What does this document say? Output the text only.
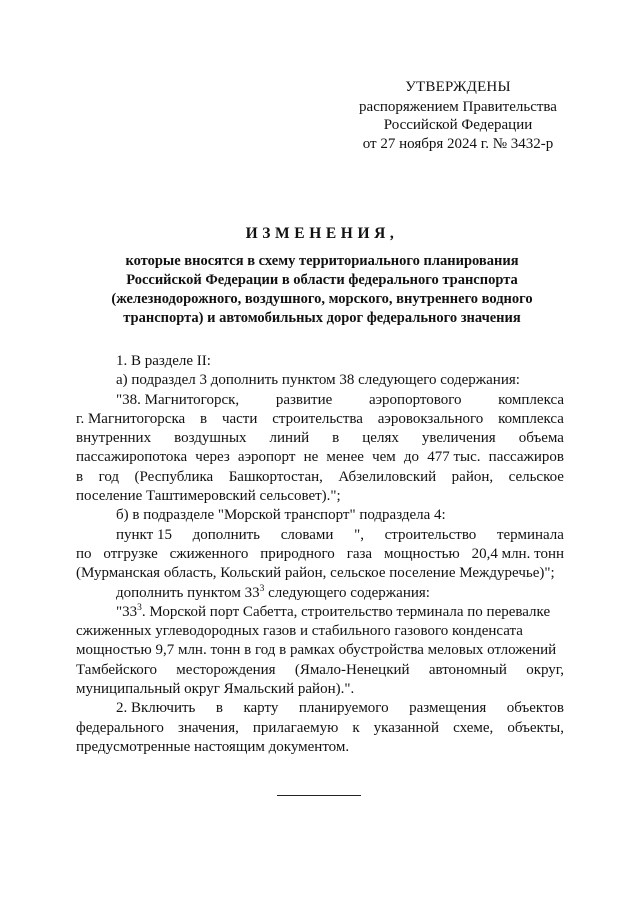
УТВЕРЖДЕНЫ
распоряжением Правительства
Российской Федерации
от 27 ноября 2024 г. № 3432-р
ИЗМЕНЕНИЯ,
которые вносятся в схему территориального планирования
Российской Федерации в области федерального транспорта
(железнодорожного, воздушного, морского, внутреннего водного
транспорта) и автомобильных дорог федерального значения
1. В разделе II:
а) подраздел 3 дополнить пунктом 38 следующего содержания:
"38. Магнитогорск, развитие аэропортового комплекса
г. Магнитогорска в части строительства аэровокзального комплекса
внутренних воздушных линий в целях увеличения объема
пассажиропотока через аэропорт не менее чем до 477 тыс. пассажиров
в год (Республика Башкортостан, Абзелиловский район, сельское
поселение Таштимеровский сельсовет).";
б) в подразделе "Морской транспорт" подраздела 4:
пункт 15 дополнить словами ", строительство терминала
по отгрузке сжиженного природного газа мощностью 20,4 млн. тонн
(Мурманская область, Кольский район, сельское поселение Междуречье)";
дополнить пунктом $33^3$ следующего содержания:
"$33^3$. Морской порт Сабетта, строительство терминала по перевалке
сжиженных углеводородных газов и стабильного газового конденсата
мощностью 9,7 млн. тонн в год в рамках обустройства меловых отложений
Тамбейского месторождения (Ямало-Ненецкий автономный округ,
муниципальный округ Ямальский район).".
2. Включить в карту планируемого размещения объектов
федерального значения, прилагаемую к указанной схеме, объекты,
предусмотренные настоящим документом.
